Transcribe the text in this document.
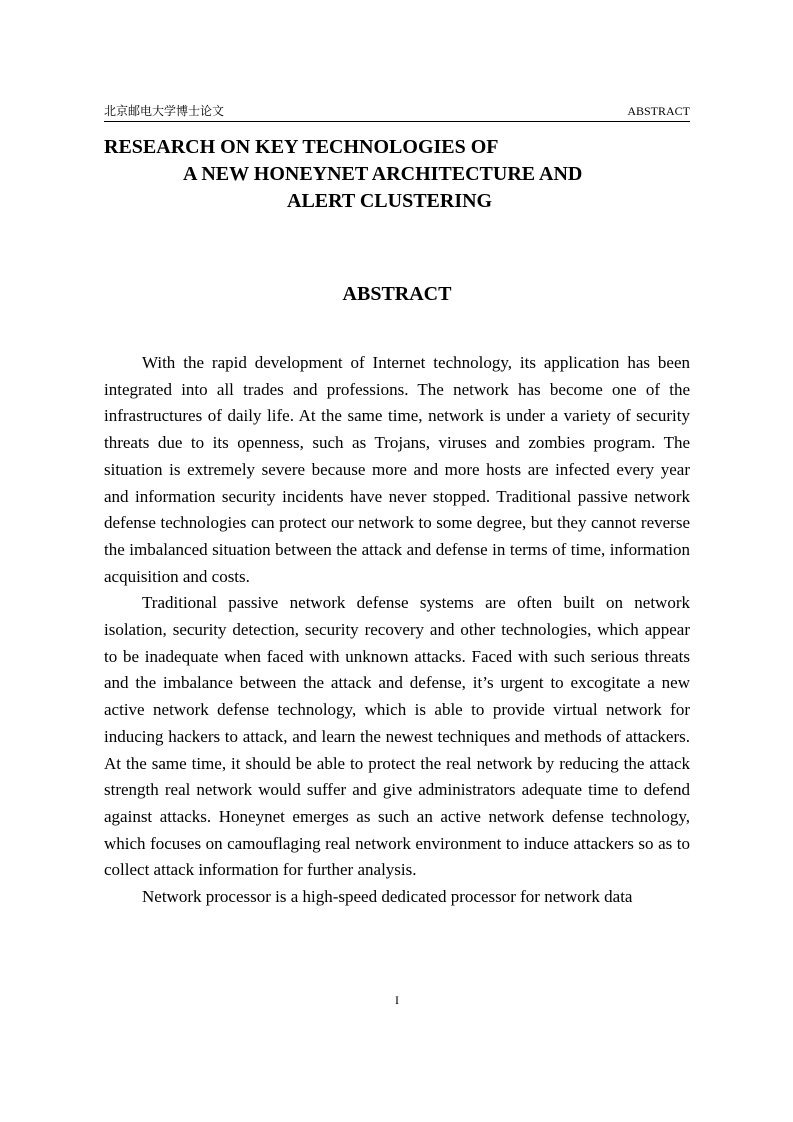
北京邮电大学博士论文	ABSTRACT
RESEARCH ON KEY TECHNOLOGIES OF
A NEW HONEYNET ARCHITECTURE AND
ALERT CLUSTERING
ABSTRACT

With the rapid development of Internet technology, its application has been integrated into all trades and professions. The network has become one of the infrastructures of daily life. At the same time, network is under a variety of security threats due to its openness, such as Trojans, viruses and zombies program. The situation is extremely severe because more and more hosts are infected every year and information security incidents have never stopped. Traditional passive network defense technologies can protect our network to some degree, but they cannot reverse the imbalanced situation between the attack and defense in terms of time, information acquisition and costs.

Traditional passive network defense systems are often built on network isolation, security detection, security recovery and other technologies, which appear to be inadequate when faced with unknown attacks. Faced with such serious threats and the imbalance between the attack and defense, it’s urgent to excogitate a new active network defense technology, which is able to provide virtual network for inducing hackers to attack, and learn the newest techniques and methods of attackers. At the same time, it should be able to protect the real network by reducing the attack strength real network would suffer and give administrators adequate time to defend against attacks. Honeynet emerges as such an active network defense technology, which focuses on camouflaging real network environment to induce attackers so as to collect attack information for further analysis.

Network processor is a high-speed dedicated processor for network data

I
